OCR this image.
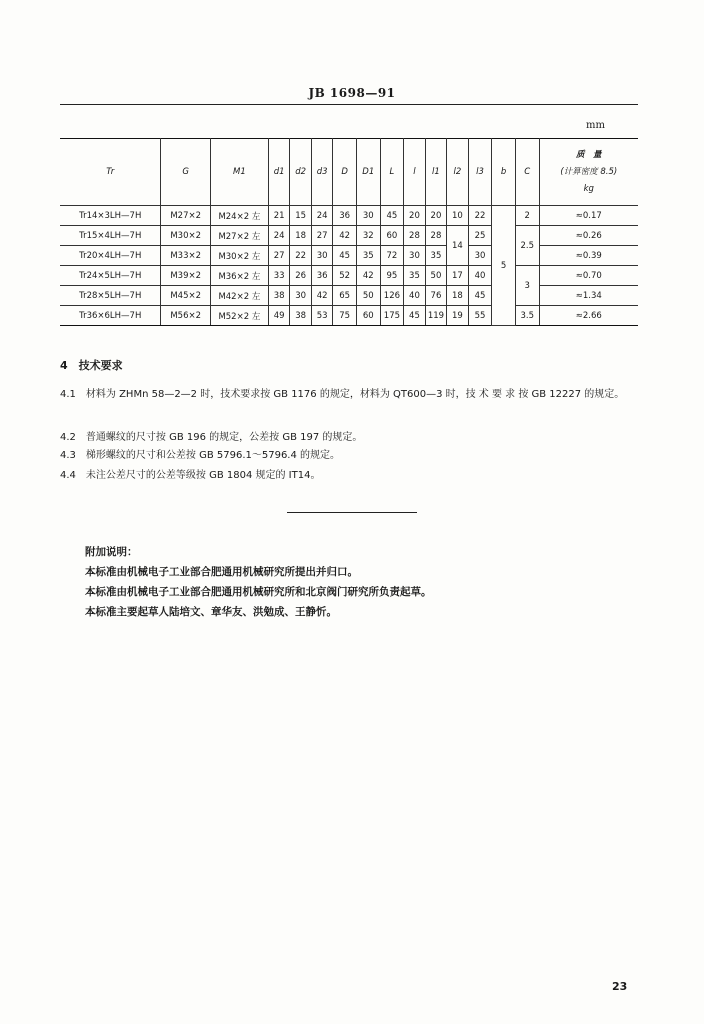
JB 1698—91
mm
Tr	G	M1	d1	d2	d3	D	D1	L	l	l1	l2	l3	b	C	质　量
(计算密度 8.5)
kg
Tr14×3LH—7H	M27×2	M24×2 左	21	15	24	36	30	45	20	20	10	22	5	2	≈0.17
Tr15×4LH—7H	M30×2	M27×2 左	24	18	27	42	32	60	28	28	14	25		2.5	≈0.26
Tr20×4LH—7H	M33×2	M30×2 左	27	22	30	45	35	72	30	35		30			≈0.39
Tr24×5LH—7H	M39×2	M36×2 左	33	26	36	52	42	95	35	50	17	40		3	≈0.70
Tr28×5LH—7H	M45×2	M42×2 左	38	30	42	65	50	126	40	76	18	45			≈1.34
Tr36×6LH—7H	M56×2	M52×2 左	49	38	53	75	60	175	45	119	19	55		3.5	≈2.66
4　技术要求
4.1　材料为 ZHMn 58—2—2 时，技术要求按 GB 1176 的规定，材料为 QT600—3 时，技 术 要 求 按 GB 12227 的规定。
4.2　普通螺纹的尺寸按 GB 196 的规定，公差按 GB 197 的规定。
4.3　梯形螺纹的尺寸和公差按 GB 5796.1～5796.4 的规定。
4.4　未注公差尺寸的公差等级按 GB 1804 规定的 IT14。
附加说明：
本标准由机械电子工业部合肥通用机械研究所提出并归口。
本标准由机械电子工业部合肥通用机械研究所和北京阀门研究所负责起草。
本标准主要起草人陆培文、章华友、洪勉成、王静忻。
23
